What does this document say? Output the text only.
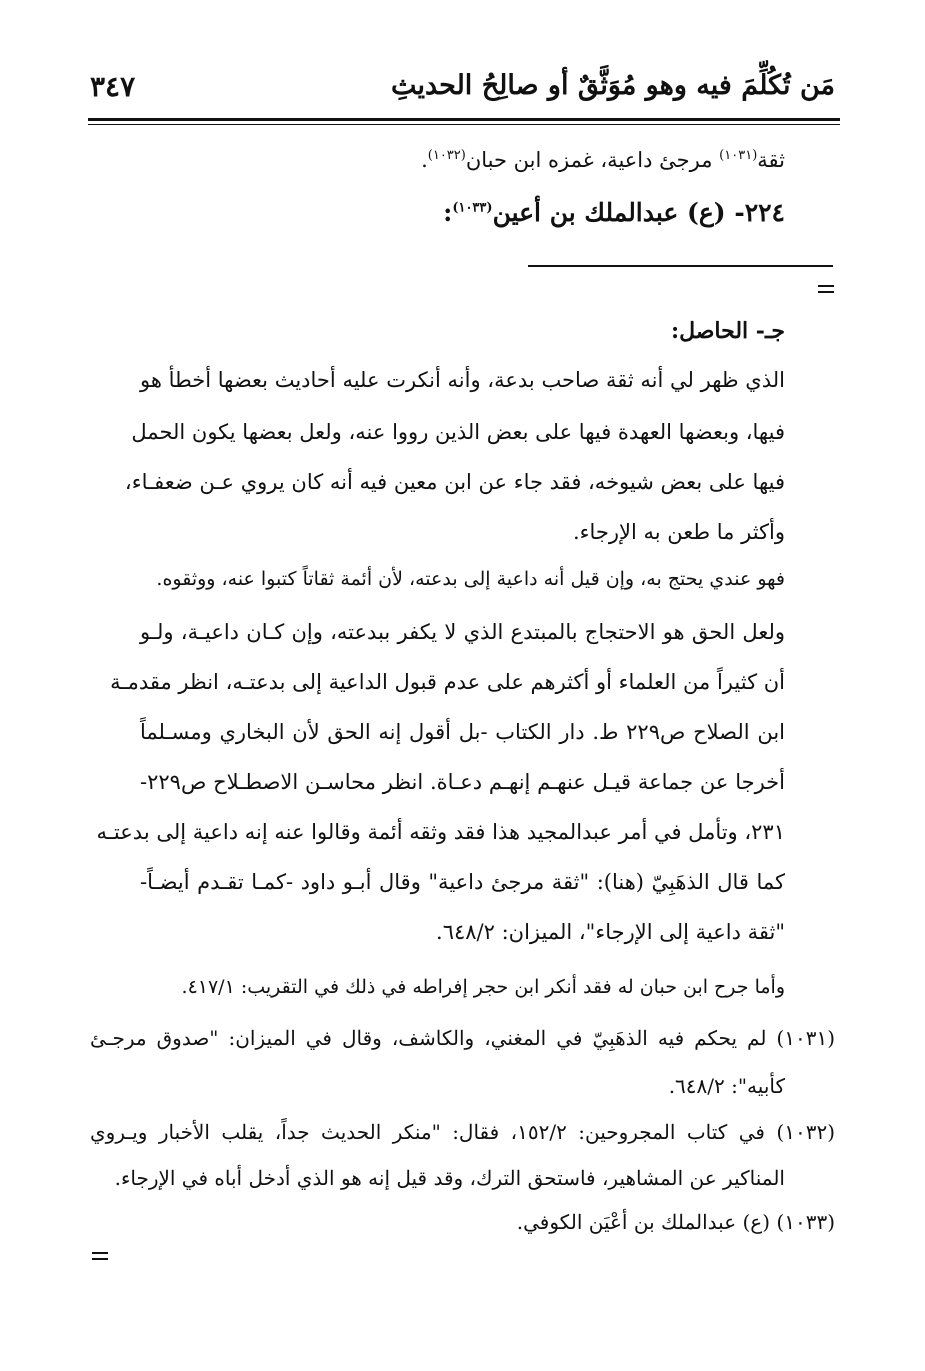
مَن تُكُلِّمَ فيه وهو مُوَثَّقٌ أو صالِحُ الحديثِ
٣٤٧
ثقة$^{(١٠٣١)}$ مرجئ داعية، غمزه ابن حبان$^{(١٠٣٢)}$.
٢٢٤- (ع) عبدالملك بن أعين$^{(١٠٣٣)}$:
جـ- الحاصل:
الذي ظهر لي أنه ثقة صاحب بدعة، وأنه أنكرت عليه أحاديث بعضها أخطأ هو
فيها، وبعضها العهدة فيها على بعض الذين رووا عنه، ولعل بعضها يكون الحمل
فيها على بعض شيوخه، فقد جاء عن ابن معين فيه أنه كان يروي عـن ضعفـاء،
وأكثر ما طعن به الإرجاء.
فهو عندي يحتج به، وإن قيل أنه داعية إلى بدعته، لأن أئمة ثقاتاً كتبوا عنه، ووثقوه.
ولعل الحق هو الاحتجاج بالمبتدع الذي لا يكفر ببدعته، وإن كـان داعيـة، ولـو
أن كثيراً من العلماء أو أكثرهم على عدم قبول الداعية إلى بدعتـه، انظر مقدمـة
ابن الصلاح ص٢٢٩ ط. دار الكتاب -بل أقول إنه الحق لأن البخاري ومسـلماً
أخرجا عن جماعة قيـل عنهـم إنهـم دعـاة. انظر محاسـن الاصطـلاح ص٢٢٩-
٢٣١، وتأمل في أمر عبدالمجيد هذا فقد وثقه أئمة وقالوا عنه إنه داعية إلى بدعتـه
كما قال الذهَبِيّ (هنا): "ثقة مرجئ داعية" وقال أبـو داود -كمـا تقـدم أيضـاً-
"ثقة داعية إلى الإرجاء"، الميزان: ٦٤٨/٢.
وأما جرح ابن حبان له فقد أنكر ابن حجر إفراطه في ذلك في التقريب: ٤١٧/١.
(١٠٣١) لم يحكم فيه الذهَبِيّ في المغني، والكاشف، وقال في الميزان: "صدوق مرجـئ
كأبيه": ٦٤٨/٢.
(١٠٣٢) في كتاب المجروحين: ١٥٢/٢، فقال: "منكر الحديث جداً، يقلب الأخبار ويـروي
المناكير عن المشاهير، فاستحق الترك، وقد قيل إنه هو الذي أدخل أباه في الإرجاء.
(١٠٣٣) (ع) عبدالملك بن أعْيَن الكوفي.
